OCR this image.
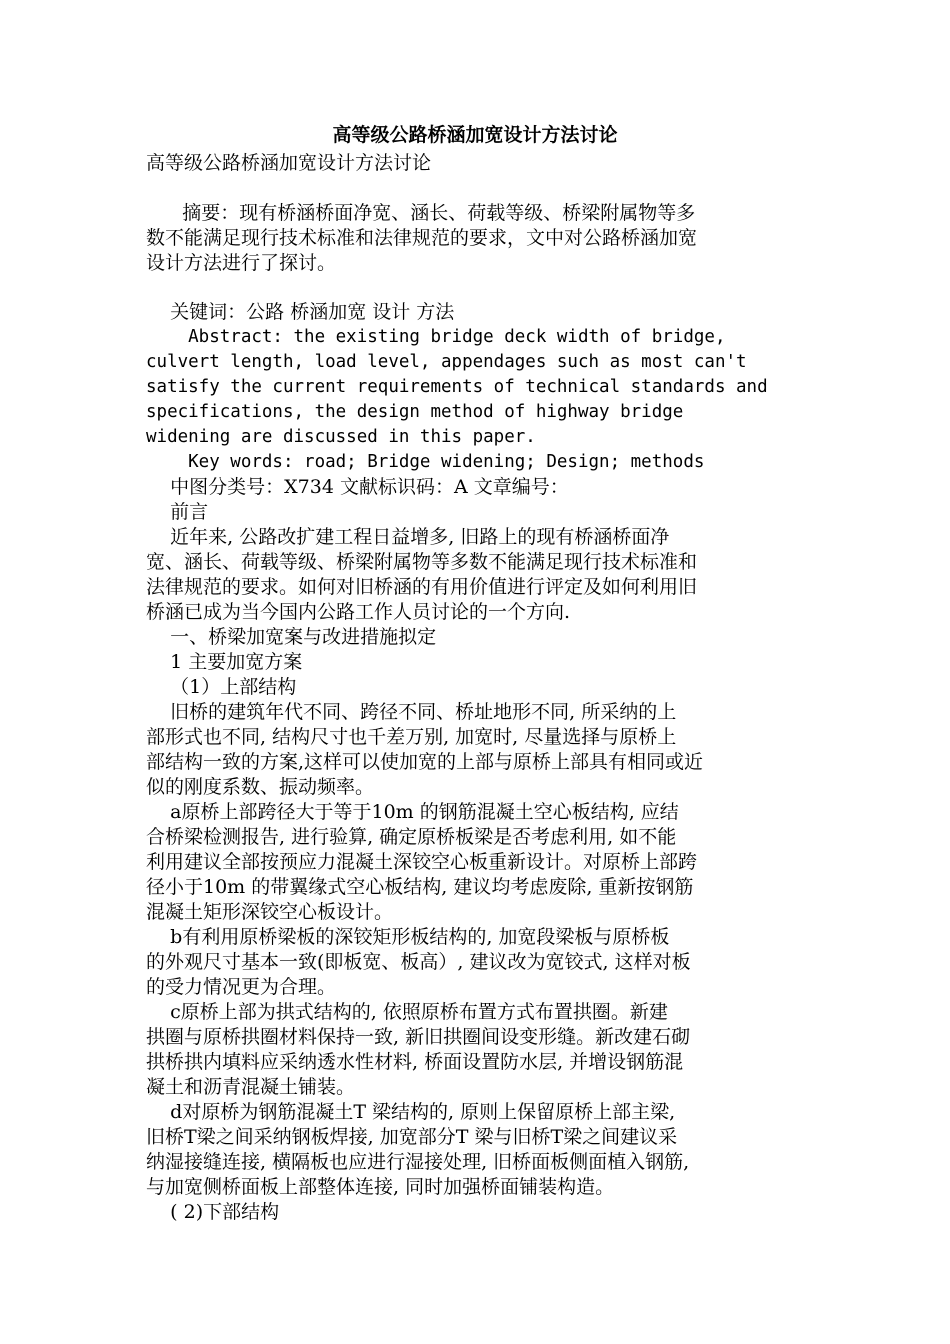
高等级公路桥涵加宽设计方法讨论
高等级公路桥涵加宽设计方法讨论
摘要：现有桥涵桥面净宽、涵长、荷载等级、桥梁附属物等多
数不能满足现行技术标准和法律规范的要求，文中对公路桥涵加宽
设计方法进行了探讨。
关键词：公路 桥涵加宽 设计 方法
Abstract: the existing bridge deck width of bridge,
culvert length, load level, appendages such as most can't
satisfy the current requirements of technical standards and
specifications, the design method of highway bridge
widening are discussed in this paper.
Key words: road; Bridge widening; Design; methods
中图分类号：X734 文献标识码：A 文章编号：
前言
近年来, 公路改扩建工程日益增多, 旧路上的现有桥涵桥面净
宽、涵长、荷载等级、桥梁附属物等多数不能满足现行技术标准和
法律规范的要求。如何对旧桥涵的有用价值进行评定及如何利用旧
桥涵已成为当今国内公路工作人员讨论的一个方向.
一、桥梁加宽案与改进措施拟定
1 主要加宽方案
（1）上部结构
旧桥的建筑年代不同、跨径不同、桥址地形不同, 所采纳的上
部形式也不同, 结构尺寸也千差万别, 加宽时, 尽量选择与原桥上
部结构一致的方案,这样可以使加宽的上部与原桥上部具有相同或近
似的刚度系数、振动频率。
a原桥上部跨径大于等于10m 的钢筋混凝土空心板结构, 应结
合桥梁检测报告, 进行验算, 确定原桥板梁是否考虑利用, 如不能
利用建议全部按预应力混凝土深铰空心板重新设计。对原桥上部跨
径小于10m 的带翼缘式空心板结构, 建议均考虑废除, 重新按钢筋
混凝土矩形深铰空心板设计。
b有利用原桥梁板的深铰矩形板结构的, 加宽段梁板与原桥板
的外观尺寸基本一致(即板宽、板高）, 建议改为宽铰式, 这样对板
的受力情况更为合理。
c原桥上部为拱式结构的, 依照原桥布置方式布置拱圈。新建
拱圈与原桥拱圈材料保持一致, 新旧拱圈间设变形缝。新改建石砌
拱桥拱内填料应采纳透水性材料, 桥面设置防水层, 并增设钢筋混
凝土和沥青混凝土铺装。
d对原桥为钢筋混凝土T 梁结构的, 原则上保留原桥上部主梁,
旧桥T梁之间采纳钢板焊接, 加宽部分T 梁与旧桥T梁之间建议采
纳湿接缝连接, 横隔板也应进行湿接处理, 旧桥面板侧面植入钢筋,
与加宽侧桥面板上部整体连接, 同时加强桥面铺装构造。
( 2)下部结构
